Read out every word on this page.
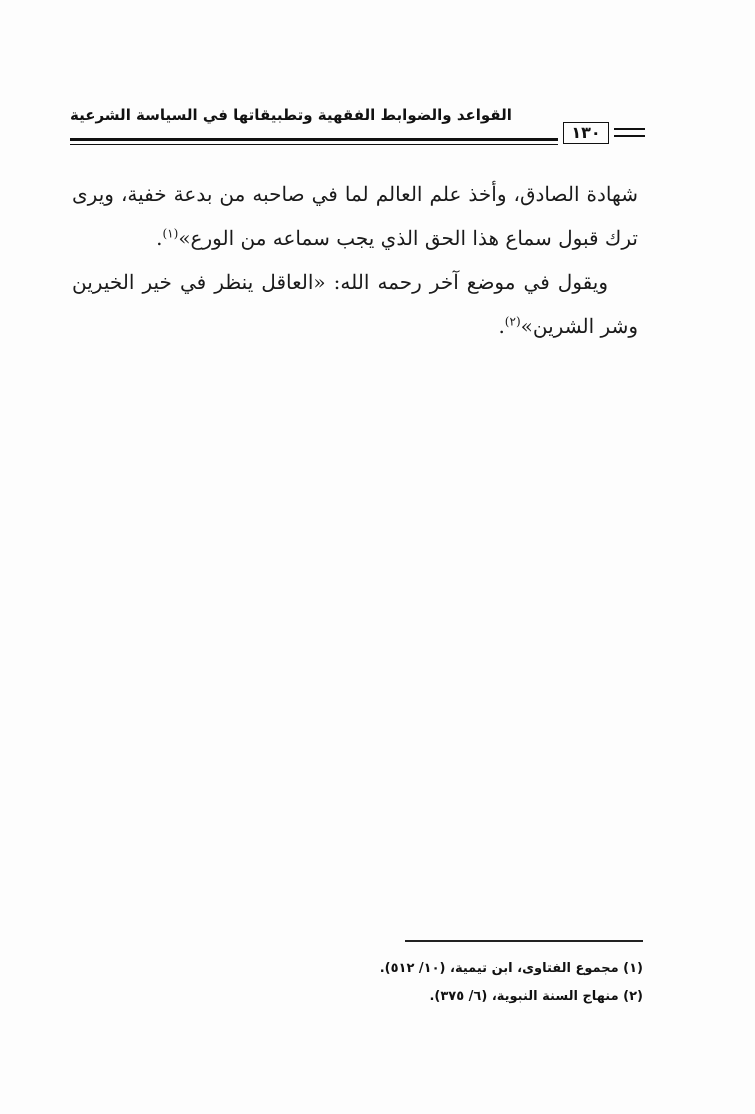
القواعد والضوابط الفقهية وتطبيقاتها في السياسة الشرعية
١٣٠

شهادة الصادق، وأخذ علم العالم لما في صاحبه من بدعة خفية، ويرى ترك قبول سماع هذا الحق الذي يجب سماعه من الورع»$^{(١)}$.

ويقول في موضع آخر رحمه الله: «العاقل ينظر في خير الخيرين وشر الشرين»$^{(٢)}$.

(١) مجموع الفتاوى، ابن تيمية، (١٠/ ٥١٢).
(٢) منهاج السنة النبوية، (٦/ ٣٧٥).
